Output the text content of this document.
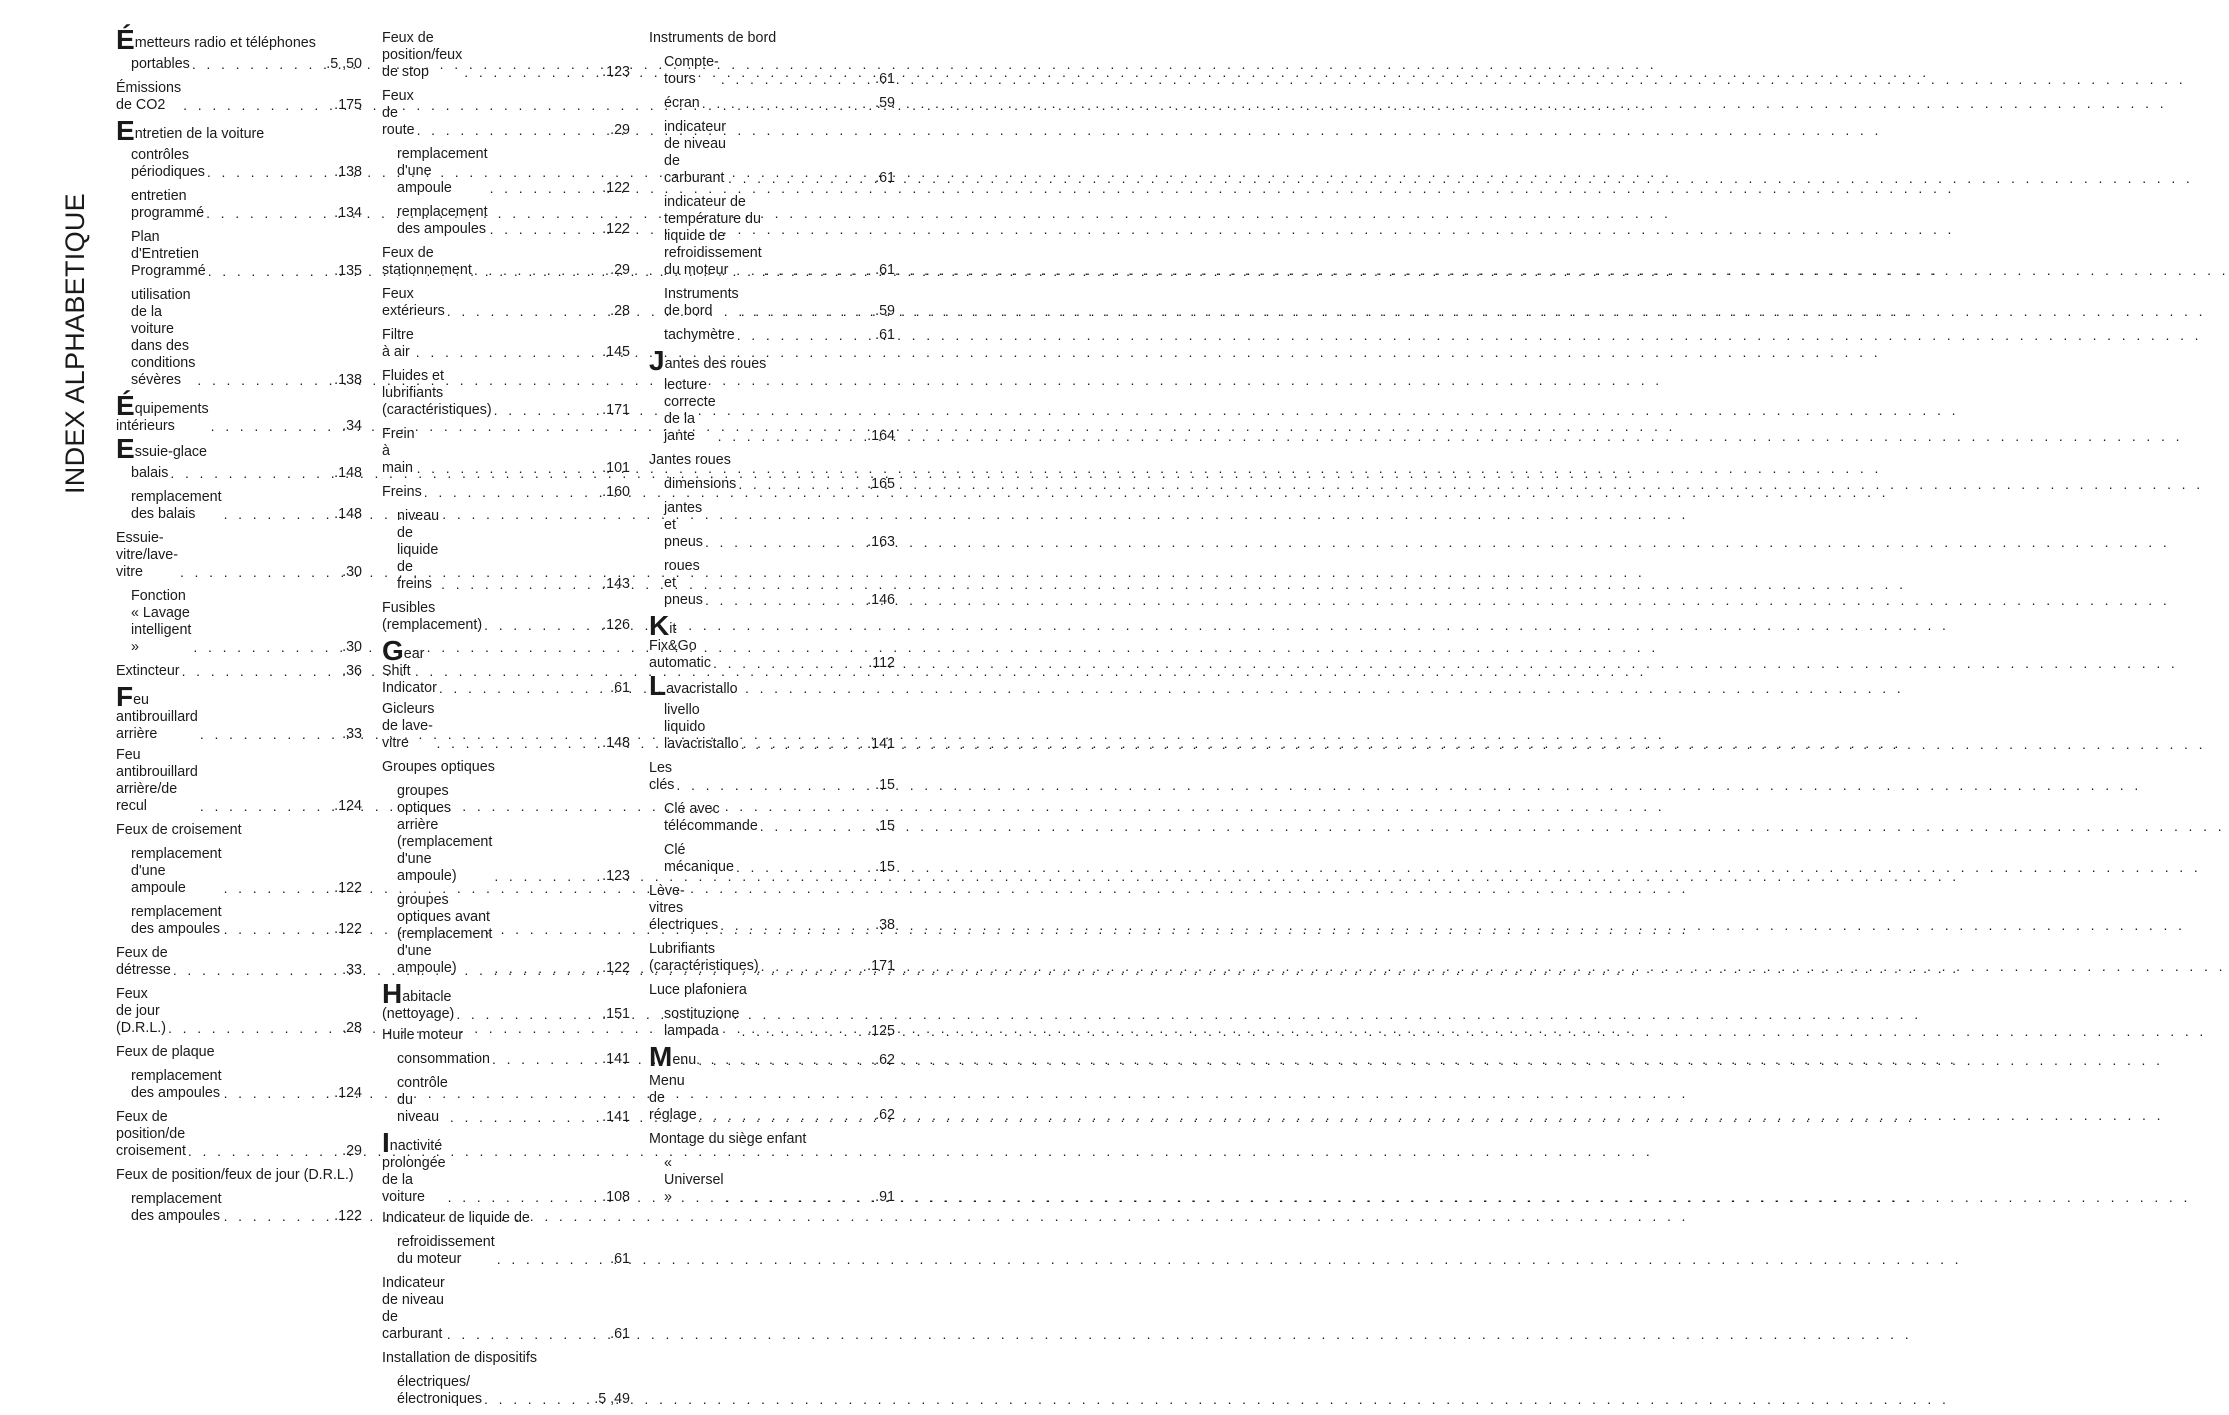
INDEX ALPHABETIQUE
Émetteurs radio et téléphones
portables . . .	.5 ,50
Émissions de CO2 . . .	.175
Entretien de la voiture
contrôles périodiques . . .	.138
entretien programmé . . .	.134
Plan d'Entretien Programmé . . .	.135
utilisation de la voiture dans des conditions sévères . . .	.138
Équipements intérieurs . . .	.34
Essuie-glace
balais . . .	.148
remplacement des balais . . .	.148
Essuie-vitre/lave-vitre . . .	.30
Fonction « Lavage intelligent » . . .	.30
Extincteur . . .	.36
Feu antibrouillard arrière . . .	.33
Feu antibrouillard arrière/de recul . . .	.124
Feux de croisement
remplacement d'une ampoule . . .	.122
remplacement des ampoules . . .	.122
Feux de détresse . . .	.33
Feux de jour (D.R.L.) . . .	.28
Feux de plaque
remplacement des ampoules . . .	.124
Feux de position/de croisement . . .	.29
Feux de position/feux de jour (D.R.L.)
remplacement des ampoules . . .	.122
Feux de position/feux de stop . . .	.123
Feux de route . . .	.29
remplacement d'une ampoule . . .	.122
remplacement des ampoules . . .	.122
Feux de stationnement . . .	.29
Feux extérieurs . . .	.28
Filtre à air . . .	.145
Fluides et lubrifiants (caractéristiques) . . .	.171
Frein à main . . .	.101
Freins . . .	.160
niveau de liquide de freins . . .	.143
Fusibles (remplacement) . . .	.126
Gear Shift Indicator . . .	.61
Gicleurs de lave-vitre . . .	.148
Groupes optiques
groupes optiques arrière (remplacement d'une ampoule) . . .	.123
groupes optiques avant (remplacement d'une ampoule) . . .	.122
Habitacle (nettoyage) . . .	.151
Huile moteur
consommation . . .	.141
contrôle du niveau . . .	.141
Inactivité prolongée de la voiture . . .	.108
Indicateur de liquide de
refroidissement du moteur . . .	.61
Indicateur de niveau de carburant . . .	.61
Installation de dispositifs
électriques/électroniques . . .	.5 ,49
Instruments de bord
Compte-tours . . .	.61
écran . . .	.59
indicateur de niveau de carburant . . .	.61
indicateur de température du liquide de refroidissement du moteur . . .	.61
Instruments de bord . . .	.59
tachymètre . . .	.61
Jantes des roues
lecture correcte de la jante . . .	.164
Jantes roues
dimensions . . .	.165
jantes et pneus . . .	.163
roues et pneus . . .	.146
Kit Fix&Go automatic . . .	.112
Lavacristallo
livello liquido lavacristallo . . .	.141
Les clés . . .	.15
Clé avec télécommande . . .	.15
Clé mécanique . . .	.15
Lève-vitres électriques . . .	.38
Lubrifiants (caractéristiques) . . .	.171
Luce plafoniera
sostituzione lampada . . .	.125
Menu . . .	.62
Menu de réglage . . .	.62
Montage du siège enfant
« Universel » . . .	.91
